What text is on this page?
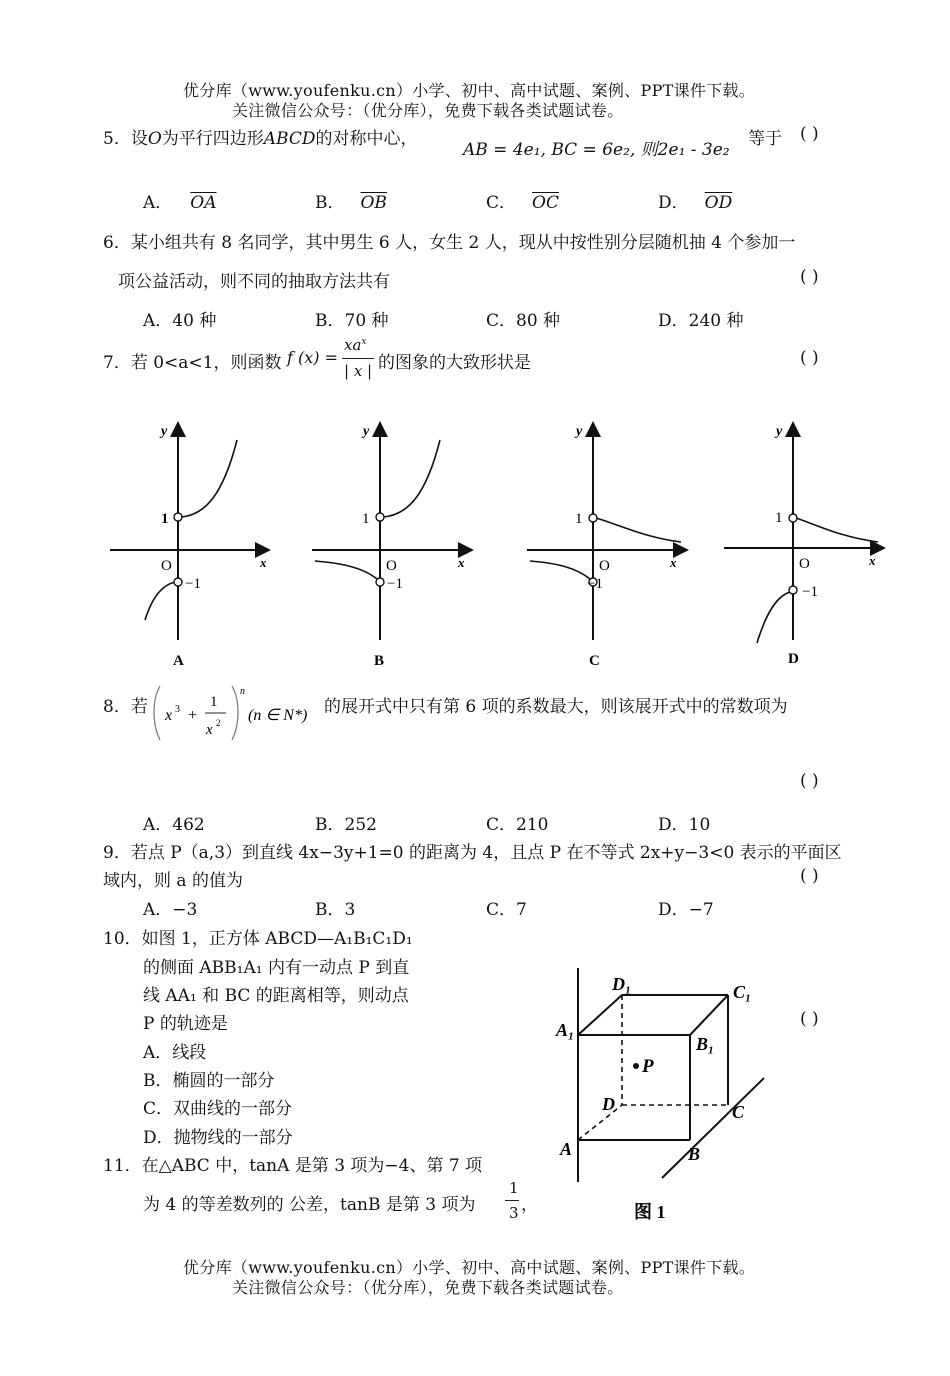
优分库（www.youfenku.cn）小学、初中、高中试题、案例、PPT课件下载。
关注微信公众号：（优分库），免费下载各类试题试卷。
5．设O为平行四边形ABCD的对称中心，
AB = 4e₁, BC = 6e₂, 则2e₁ - 3e₂
等于 ( )
A． $\overline{OA}$	B． $\overline{OB}$	C． $\overline{OC}$	D． $\overline{OD}$
6．某小组共有 8 名同学，其中男生 6 人，女生 2 人，现从中按性别分层随机抽 4 个参加一
项公益活动，则不同的抽取方法共有	( )
A．40 种	B．70 种	C．80 种	D．240 种
7．若 0<a<1，则函数 f (x) =
$xa^x$
| x | 的图象的大致形状是	( )
y
x
O
1
−1
A
y
x
O
1
−1
B
y
x
O
1
−1
C
y
x
O
1
−1
D
8．若 x 3 +
1
x 2
n
(n ∈ N*) 的展开式中只有第 6 项的系数最大，则该展开式中的常数项为
( )
A．462	B．252	C．210	D．10
9．若点 P（a,3）到直线 4x−3y+1=0 的距离为 4，且点 P 在不等式 2x+y−3<0 表示的平面区
域内，则 a 的值为	( )
A．−3	B．3	C．7	D．−7
10．如图 1，正方体 ABCD—A₁B₁C₁D₁
的侧面 ABB₁A₁ 内有一动点 P 到直
线 AA₁ 和 BC 的距离相等，则动点
P 的轨迹是
A．线段
B．椭圆的一部分
C．双曲线的一部分
D．抛物线的一部分
( )
P
D₁	C₁
A₁
B₁
D	C
A	B
图 1
11．在△ABC 中，tanA 是第 3 项为−4、第 7 项
为 4 的等差数列的 公差，tanB 是第 3 项为
1
3 ，
优分库（www.youfenku.cn）小学、初中、高中试题、案例、PPT课件下载。
关注微信公众号：（优分库），免费下载各类试题试卷。
